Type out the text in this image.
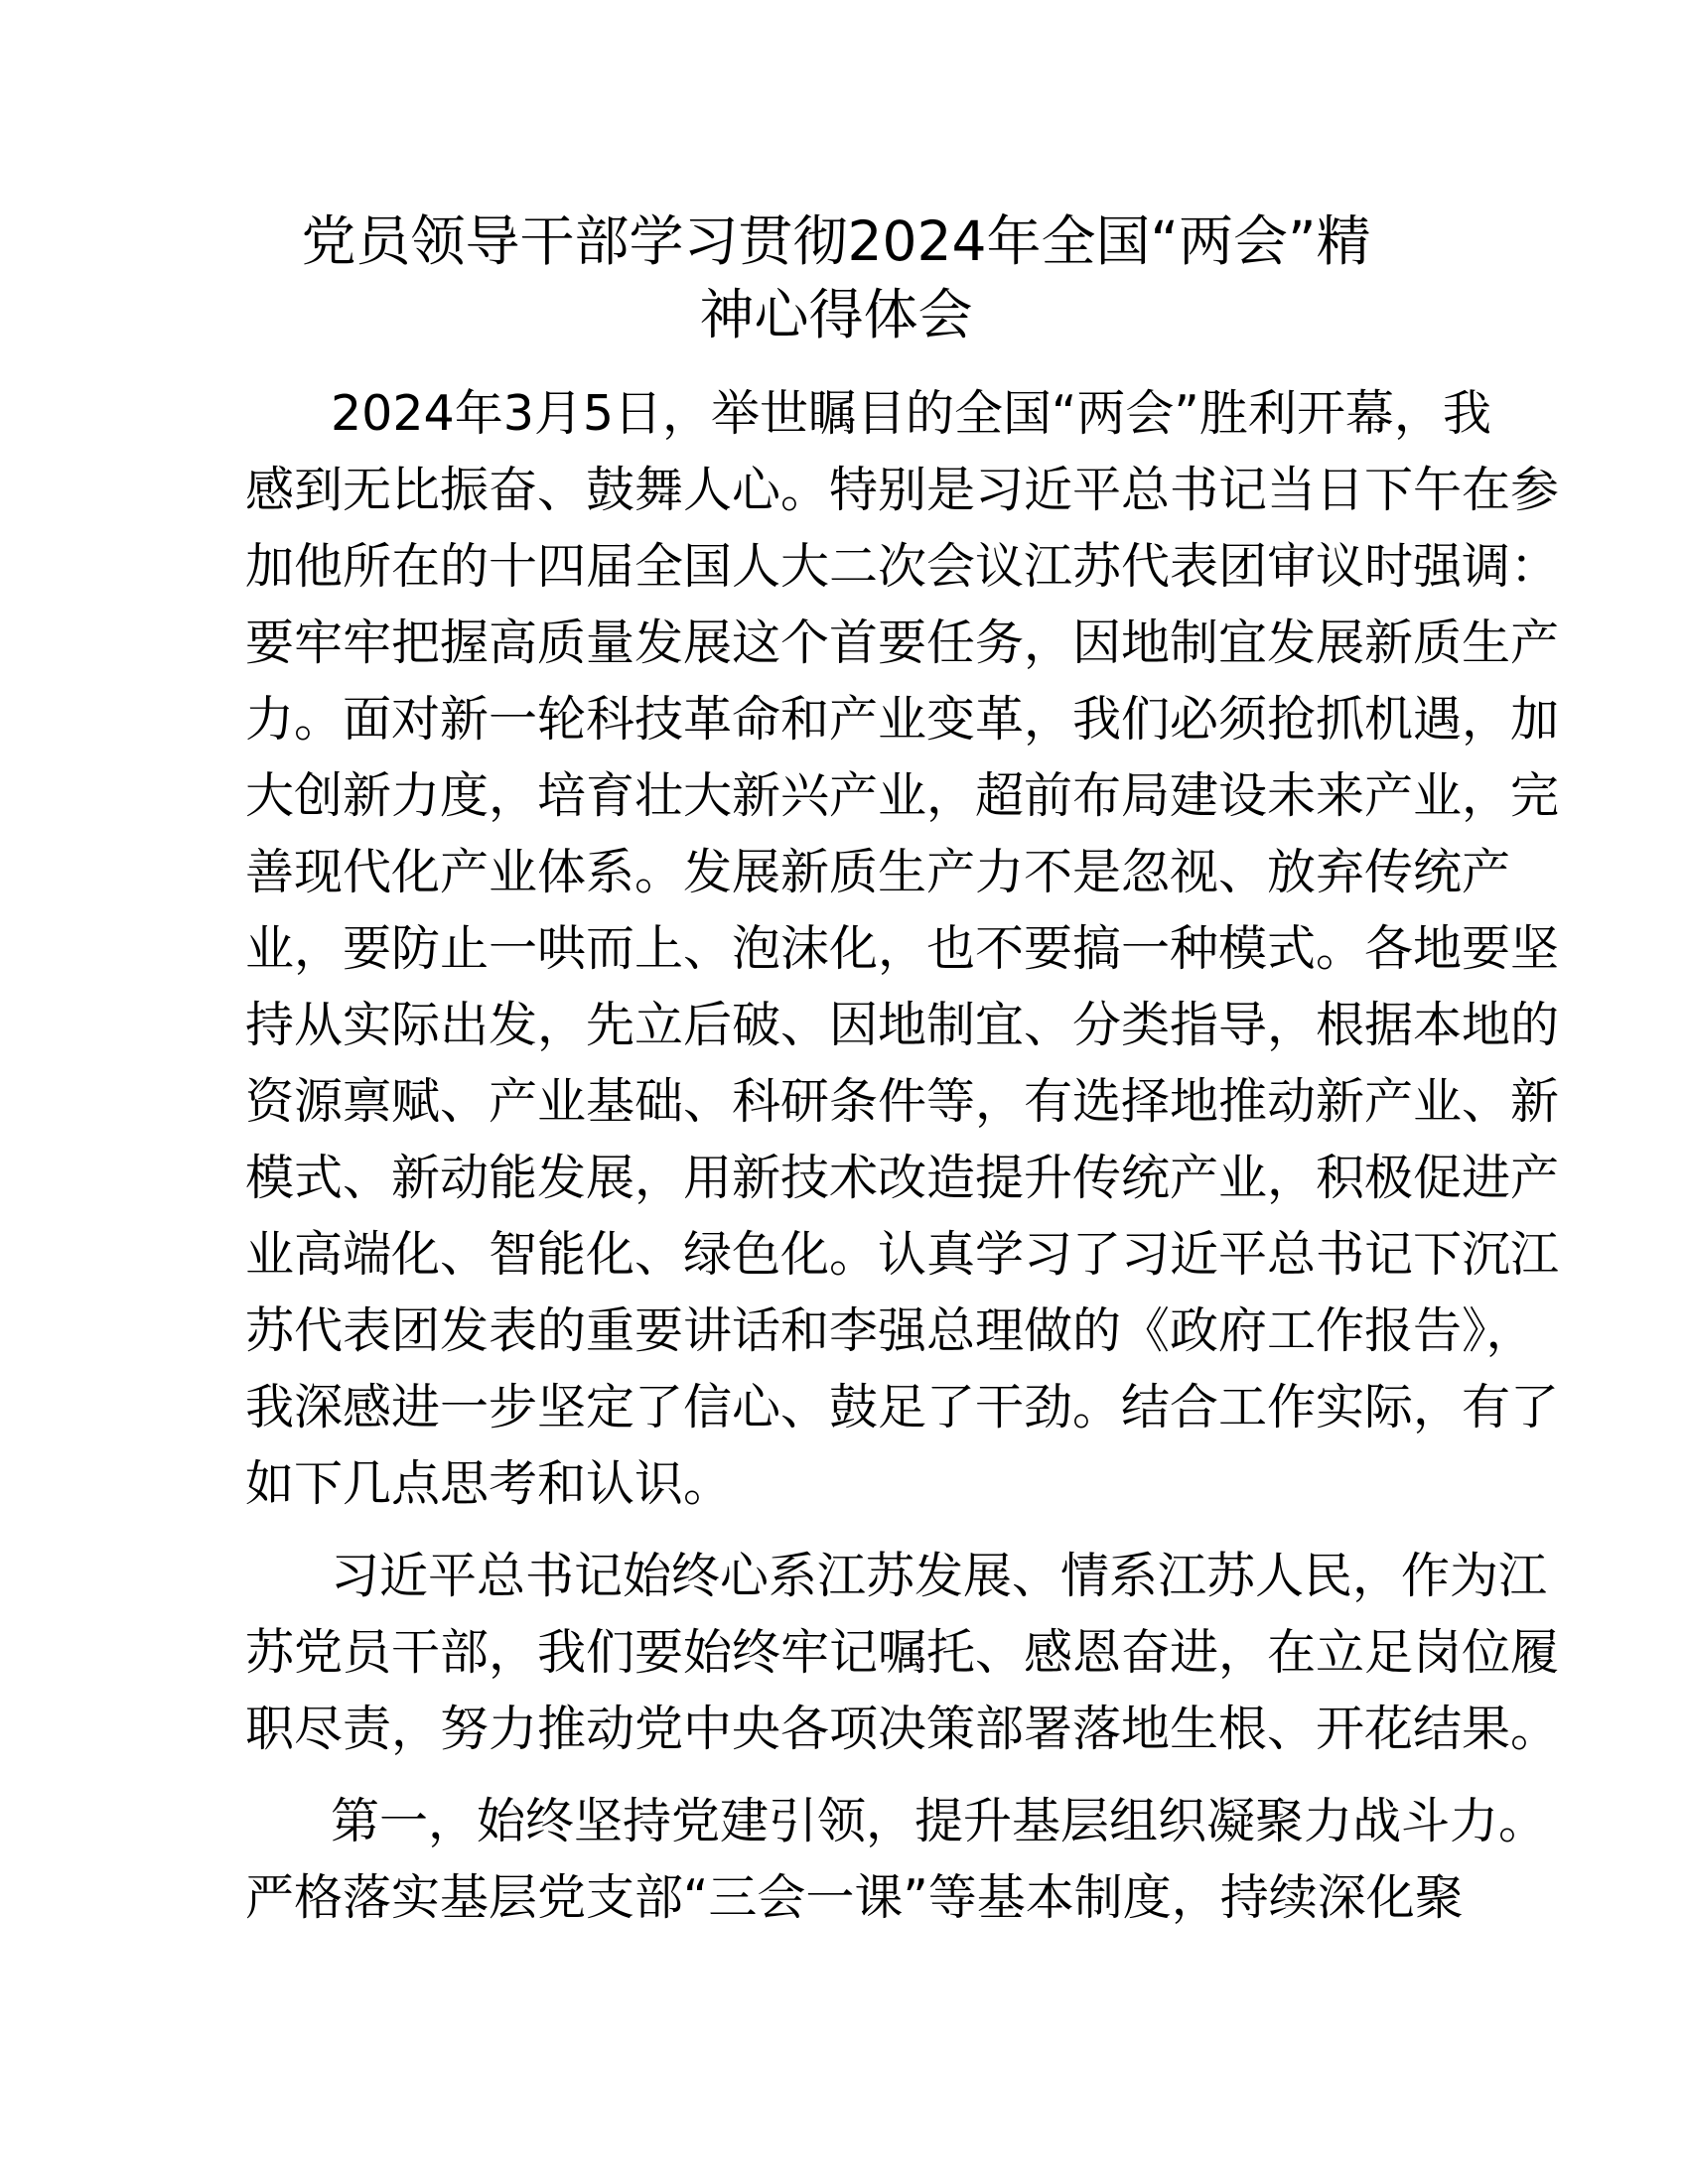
党员领导干部学习贯彻2024年全国“两会”精
神心得体会
2024年3月5日，举世瞩目的全国“两会”胜利开幕，我
感到无比振奋、鼓舞人心。特别是习近平总书记当日下午在参
加他所在的十四届全国人大二次会议江苏代表团审议时强调：
要牢牢把握高质量发展这个首要任务，因地制宜发展新质生产
力。面对新一轮科技革命和产业变革，我们必须抢抓机遇，加
大创新力度，培育壮大新兴产业，超前布局建设未来产业，完
善现代化产业体系。发展新质生产力不是忽视、放弃传统产
业，要防止一哄而上、泡沫化，也不要搞一种模式。各地要坚
持从实际出发，先立后破、因地制宜、分类指导，根据本地的
资源禀赋、产业基础、科研条件等，有选择地推动新产业、新
模式、新动能发展，用新技术改造提升传统产业，积极促进产
业高端化、智能化、绿色化。认真学习了习近平总书记下沉江
苏代表团发表的重要讲话和李强总理做的《政府工作报告》，
我深感进一步坚定了信心、鼓足了干劲。结合工作实际，有了
如下几点思考和认识。
习近平总书记始终心系江苏发展、情系江苏人民，作为江
苏党员干部，我们要始终牢记嘱托、感恩奋进，在立足岗位履
职尽责，努力推动党中央各项决策部署落地生根、开花结果。
第一，始终坚持党建引领，提升基层组织凝聚力战斗力。
严格落实基层党支部“三会一课”等基本制度，持续深化聚
